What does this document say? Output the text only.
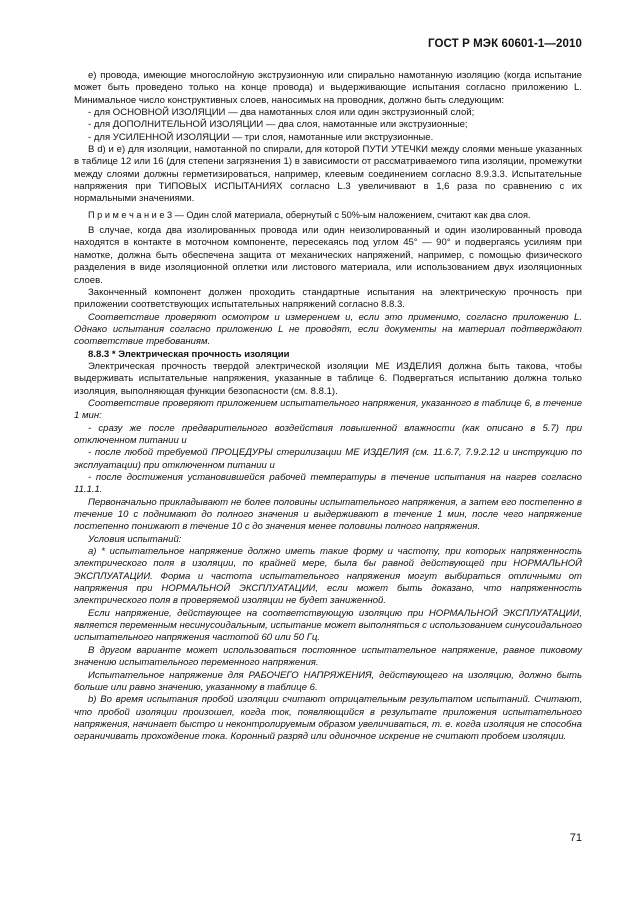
ГОСТ Р МЭК 60601-1—2010

e) провода, имеющие многослойную экструзионную или спирально намотанную изоляцию (когда испытание может быть проведено только на конце провода) и выдерживающие испытания согласно приложению L. Минимальное число конструктивных слоев, наносимых на проводник, должно быть следующим:

- для ОСНОВНОЙ ИЗОЛЯЦИИ — два намотанных слоя или один экструзионный слой;

- для ДОПОЛНИТЕЛЬНОЙ ИЗОЛЯЦИИ — два слоя, намотанные или экструзионные;

- для УСИЛЕННОЙ ИЗОЛЯЦИИ — три слоя, намотанные или экструзионные.

В d) и e) для изоляции, намотанной по спирали, для которой ПУТИ УТЕЧКИ между слоями меньше указанных в таблице 12 или 16 (для степени загрязнения 1) в зависимости от рассматриваемого типа изоляции, промежутки между слоями должны герметизироваться, например, клеевым соединением согласно 8.9.3.3. Испытательные напряжения при ТИПОВЫХ ИСПЫТАНИЯХ согласно L.3 увеличивают в 1,6 раза по сравнению с их нормальными значениями.

П р и м е ч а н и е 3 — Один слой материала, обернутый с 50%-ым наложением, считают как два слоя.

В случае, когда два изолированных провода или один неизолированный и один изолированный провода находятся в контакте в моточном компоненте, пересекаясь под углом 45° — 90° и подвергаясь усилиям при намотке, должна быть обеспечена защита от механических напряжений, например, с помощью физического разделения в виде изоляционной оплетки или листового материала, или использованием двух изоляционных слоев.

Законченный компонент должен проходить стандартные испытания на электрическую прочность при приложении соответствующих испытательных напряжений согласно 8.8.3.

Соответствие проверяют осмотром и измерением и, если это применимо, согласно приложению L. Однако испытания согласно приложению L не проводят, если документы на материал подтверждают соответствие требованиям.

8.8.3 * Электрическая прочность изоляции

Электрическая прочность твердой электрической изоляции МЕ ИЗДЕЛИЯ должна быть такова, чтобы выдерживать испытательные напряжения, указанные в таблице 6. Подвергаться испытанию должна только изоляция, выполняющая функции безопасности (см. 8.8.1).

Соответствие проверяют приложением испытательного напряжения, указанного в таблице 6, в течение 1 мин:

- сразу же после предварительного воздействия повышенной влажности (как описано в 5.7) при отключенном питании и

- после любой требуемой ПРОЦЕДУРЫ стерилизации МЕ ИЗДЕЛИЯ (см. 11.6.7, 7.9.2.12 и инструкцию по эксплуатации) при отключенном питании и

- после достижения установившейся рабочей температуры в течение испытания на нагрев согласно 11.1.1.

Первоначально прикладывают не более половины испытательного напряжения, а затем его постепенно в течение 10 с поднимают до полного значения и выдерживают в течение 1 мин, после чего напряжение постепенно понижают в течение 10 с до значения менее половины полного напряжения.

Условия испытаний:

а) * испытательное напряжение должно иметь такие форму и частоту, при которых напряженность электрического поля в изоляции, по крайней мере, была бы равной действующей при НОРМАЛЬНОЙ ЭКСПЛУАТАЦИИ. Форма и частота испытательного напряжения могут выбираться отличными от напряжения при НОРМАЛЬНОЙ ЭКСПЛУАТАЦИИ, если может быть доказано, что напряженность электрического поля в проверяемой изоляции не будет заниженной.

Если напряжение, действующее на соответствующую изоляцию при НОРМАЛЬНОЙ ЭКСПЛУАТАЦИИ, является переменным несинусоидальным, испытание может выполняться с использованием синусоидального испытательного напряжения частотой 60 или 50 Гц.

В другом варианте может использоваться постоянное испытательное напряжение, равное пиковому значению испытательного переменного напряжения.

Испытательное напряжение для РАБОЧЕГО НАПРЯЖЕНИЯ, действующего на изоляцию, должно быть больше или равно значению, указанному в таблице 6.

b) Во время испытания пробой изоляции считают отрицательным результатом испытаний. Считают, что пробой изоляции произошел, когда ток, появляющийся в результате приложения испытательного напряжения, начинает быстро и неконтролируемым образом увеличиваться, т. е. когда изоляция не способна ограничивать прохождение тока. Коронный разряд или одиночное искрение не считают пробоем изоляции.

71
